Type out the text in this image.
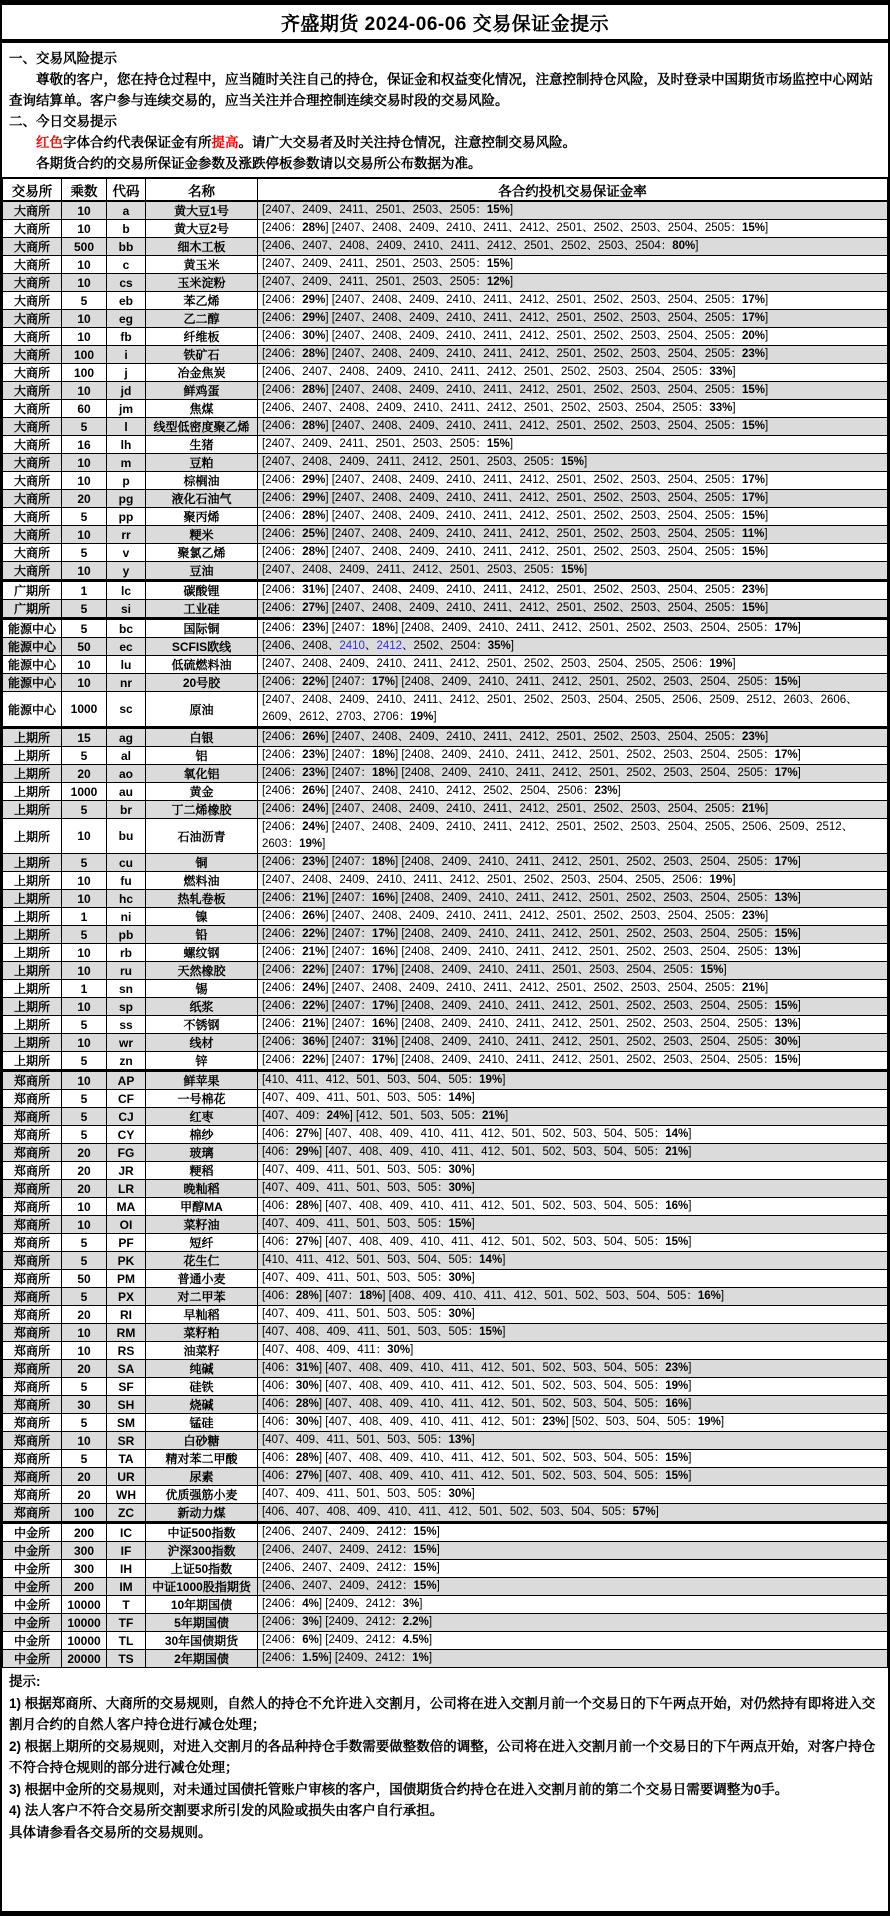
齐盛期货 2024-06-06 交易保证金提示
一、交易风险提示
尊敬的客户，您在持仓过程中，应当随时关注自己的持仓，保证金和权益变化情况，注意控制持仓风险，及时登录中国期货市场监控中心网站查询结算单。客户参与连续交易的，应当关注并合理控制连续交易时段的交易风险。
二、今日交易提示
红色字体合约代表保证金有所提高。请广大交易者及时关注持仓情况，注意控制交易风险。
各期货合约的交易所保证金参数及涨跌停板参数请以交易所公布数据为准。
交易所	乘数	代码	名称	各合约投机交易保证金率
大商所	10	a	黄大豆1号	[2407、2409、2411、2501、2503、2505：15%]
大商所	10	b	黄大豆2号	[2406：28%] [2407、2408、2409、2410、2411、2412、2501、2502、2503、2504、2505：15%]
大商所	500	bb	细木工板	[2406、2407、2408、2409、2410、2411、2412、2501、2502、2503、2504：80%]
大商所	10	c	黄玉米	[2407、2409、2411、2501、2503、2505：15%]
大商所	10	cs	玉米淀粉	[2407、2409、2411、2501、2503、2505：12%]
大商所	5	eb	苯乙烯	[2406：29%] [2407、2408、2409、2410、2411、2412、2501、2502、2503、2504、2505：17%]
大商所	10	eg	乙二醇	[2406：29%] [2407、2408、2409、2410、2411、2412、2501、2502、2503、2504、2505：17%]
大商所	10	fb	纤维板	[2406：30%] [2407、2408、2409、2410、2411、2412、2501、2502、2503、2504、2505：20%]
大商所	100	i	铁矿石	[2406：28%] [2407、2408、2409、2410、2411、2412、2501、2502、2503、2504、2505：23%]
大商所	100	j	冶金焦炭	[2406、2407、2408、2409、2410、2411、2412、2501、2502、2503、2504、2505：33%]
大商所	10	jd	鲜鸡蛋	[2406：28%] [2407、2408、2409、2410、2411、2412、2501、2502、2503、2504、2505：15%]
大商所	60	jm	焦煤	[2406、2407、2408、2409、2410、2411、2412、2501、2502、2503、2504、2505：33%]
大商所	5	l	线型低密度聚乙烯	[2406：28%] [2407、2408、2409、2410、2411、2412、2501、2502、2503、2504、2505：15%]
大商所	16	lh	生猪	[2407、2409、2411、2501、2503、2505：15%]
大商所	10	m	豆粕	[2407、2408、2409、2411、2412、2501、2503、2505：15%]
大商所	10	p	棕榈油	[2406：29%] [2407、2408、2409、2410、2411、2412、2501、2502、2503、2504、2505：17%]
大商所	20	pg	液化石油气	[2406：29%] [2407、2408、2409、2410、2411、2412、2501、2502、2503、2504、2505：17%]
大商所	5	pp	聚丙烯	[2406：28%] [2407、2408、2409、2410、2411、2412、2501、2502、2503、2504、2505：15%]
大商所	10	rr	粳米	[2406：25%] [2407、2408、2409、2410、2411、2412、2501、2502、2503、2504、2505：11%]
大商所	5	v	聚氯乙烯	[2406：28%] [2407、2408、2409、2410、2411、2412、2501、2502、2503、2504、2505：15%]
大商所	10	y	豆油	[2407、2408、2409、2411、2412、2501、2503、2505：15%]
广期所	1	lc	碳酸锂	[2406：31%] [2407、2408、2409、2410、2411、2412、2501、2502、2503、2504、2505：23%]
广期所	5	si	工业硅	[2406：27%] [2407、2408、2409、2410、2411、2412、2501、2502、2503、2504、2505：15%]
能源中心	5	bc	国际铜	[2406：23%] [2407：18%] [2408、2409、2410、2411、2412、2501、2502、2503、2504、2505：17%]
能源中心	50	ec	SCFIS欧线	[2406、2408、2410、2412、2502、2504：35%]
能源中心	10	lu	低硫燃料油	[2407、2408、2409、2410、2411、2412、2501、2502、2503、2504、2505、2506：19%]
能源中心	10	nr	20号胶	[2406：22%] [2407：17%] [2408、2409、2410、2411、2412、2501、2502、2503、2504、2505：15%]
能源中心	1000	sc	原油	[2407、2408、2409、2410、2411、2412、2501、2502、2503、2504、2505、2506、2509、2512、2603、2606、2609、2612、2703、2706：19%]
上期所	15	ag	白银	[2406：26%] [2407、2408、2409、2410、2411、2412、2501、2502、2503、2504、2505：23%]
上期所	5	al	铝	[2406：23%] [2407：18%] [2408、2409、2410、2411、2412、2501、2502、2503、2504、2505：17%]
上期所	20	ao	氧化铝	[2406：23%] [2407：18%] [2408、2409、2410、2411、2412、2501、2502、2503、2504、2505：17%]
上期所	1000	au	黄金	[2406：26%] [2407、2408、2410、2412、2502、2504、2506：23%]
上期所	5	br	丁二烯橡胶	[2406：24%] [2407、2408、2409、2410、2411、2412、2501、2502、2503、2504、2505：21%]
上期所	10	bu	石油沥青	[2406：24%] [2407、2408、2409、2410、2411、2412、2501、2502、2503、2504、2505、2506、2509、2512、2603：19%]
上期所	5	cu	铜	[2406：23%] [2407：18%] [2408、2409、2410、2411、2412、2501、2502、2503、2504、2505：17%]
上期所	10	fu	燃料油	[2407、2408、2409、2410、2411、2412、2501、2502、2503、2504、2505、2506：19%]
上期所	10	hc	热轧卷板	[2406：21%] [2407：16%] [2408、2409、2410、2411、2412、2501、2502、2503、2504、2505：13%]
上期所	1	ni	镍	[2406：26%] [2407、2408、2409、2410、2411、2412、2501、2502、2503、2504、2505：23%]
上期所	5	pb	铅	[2406：22%] [2407：17%] [2408、2409、2410、2411、2412、2501、2502、2503、2504、2505：15%]
上期所	10	rb	螺纹钢	[2406：21%] [2407：16%] [2408、2409、2410、2411、2412、2501、2502、2503、2504、2505：13%]
上期所	10	ru	天然橡胶	[2406：22%] [2407：17%] [2408、2409、2410、2411、2501、2503、2504、2505：15%]
上期所	1	sn	锡	[2406：24%] [2407、2408、2409、2410、2411、2412、2501、2502、2503、2504、2505：21%]
上期所	10	sp	纸浆	[2406：22%] [2407：17%] [2408、2409、2410、2411、2412、2501、2502、2503、2504、2505：15%]
上期所	5	ss	不锈钢	[2406：21%] [2407：16%] [2408、2409、2410、2411、2412、2501、2502、2503、2504、2505：13%]
上期所	10	wr	线材	[2406：36%] [2407：31%] [2408、2409、2410、2411、2412、2501、2502、2503、2504、2505：30%]
上期所	5	zn	锌	[2406：22%] [2407：17%] [2408、2409、2410、2411、2412、2501、2502、2503、2504、2505：15%]
郑商所	10	AP	鲜苹果	[410、411、412、501、503、504、505：19%]
郑商所	5	CF	一号棉花	[407、409、411、501、503、505：14%]
郑商所	5	CJ	红枣	[407、409：24%] [412、501、503、505：21%]
郑商所	5	CY	棉纱	[406：27%] [407、408、409、410、411、412、501、502、503、504、505：14%]
郑商所	20	FG	玻璃	[406：29%] [407、408、409、410、411、412、501、502、503、504、505：21%]
郑商所	20	JR	粳稻	[407、409、411、501、503、505：30%]
郑商所	20	LR	晚籼稻	[407、409、411、501、503、505：30%]
郑商所	10	MA	甲醇MA	[406：28%] [407、408、409、410、411、412、501、502、503、504、505：16%]
郑商所	10	OI	菜籽油	[407、409、411、501、503、505：15%]
郑商所	5	PF	短纤	[406：27%] [407、408、409、410、411、412、501、502、503、504、505：15%]
郑商所	5	PK	花生仁	[410、411、412、501、503、504、505：14%]
郑商所	50	PM	普通小麦	[407、409、411、501、503、505：30%]
郑商所	5	PX	对二甲苯	[406：28%] [407：18%] [408、409、410、411、412、501、502、503、504、505：16%]
郑商所	20	RI	早籼稻	[407、409、411、501、503、505：30%]
郑商所	10	RM	菜籽粕	[407、408、409、411、501、503、505：15%]
郑商所	10	RS	油菜籽	[407、408、409、411：30%]
郑商所	20	SA	纯碱	[406：31%] [407、408、409、410、411、412、501、502、503、504、505：23%]
郑商所	5	SF	硅铁	[406：30%] [407、408、409、410、411、412、501、502、503、504、505：19%]
郑商所	30	SH	烧碱	[406：28%] [407、408、409、410、411、412、501、502、503、504、505：16%]
郑商所	5	SM	锰硅	[406：30%] [407、408、409、410、411、412、501：23%] [502、503、504、505：19%]
郑商所	10	SR	白砂糖	[407、409、411、501、503、505：13%]
郑商所	5	TA	精对苯二甲酸	[406：28%] [407、408、409、410、411、412、501、502、503、504、505：15%]
郑商所	20	UR	尿素	[406：27%] [407、408、409、410、411、412、501、502、503、504、505：15%]
郑商所	20	WH	优质强筋小麦	[407、409、411、501、503、505：30%]
郑商所	100	ZC	新动力煤	[406、407、408、409、410、411、412、501、502、503、504、505：57%]
中金所	200	IC	中证500指数	[2406、2407、2409、2412：15%]
中金所	300	IF	沪深300指数	[2406、2407、2409、2412：15%]
中金所	300	IH	上证50指数	[2406、2407、2409、2412：15%]
中金所	200	IM	中证1000股指期货	[2406、2407、2409、2412：15%]
中金所	10000	T	10年期国债	[2406：4%] [2409、2412：3%]
中金所	10000	TF	5年期国债	[2406：3%] [2409、2412：2.2%]
中金所	10000	TL	30年国债期货	[2406：6%] [2409、2412：4.5%]
中金所	20000	TS	2年期国债	[2406：1.5%] [2409、2412：1%]
提示:
1) 根据郑商所、大商所的交易规则，自然人的持仓不允许进入交割月，公司将在进入交割月前一个交易日的下午两点开始，对仍然持有即将进入交割月合约的自然人客户持仓进行减仓处理；
2) 根据上期所的交易规则，对进入交割月的各品种持仓手数需要做整数倍的调整，公司将在进入交割月前一个交易日的下午两点开始，对客户持仓不符合持仓规则的部分进行减仓处理；
3) 根据中金所的交易规则，对未通过国债托管账户审核的客户，国债期货合约持仓在进入交割月前的第二个交易日需要调整为0手。
4) 法人客户不符合交易所交割要求所引发的风险或损失由客户自行承担。
具体请参看各交易所的交易规则。
